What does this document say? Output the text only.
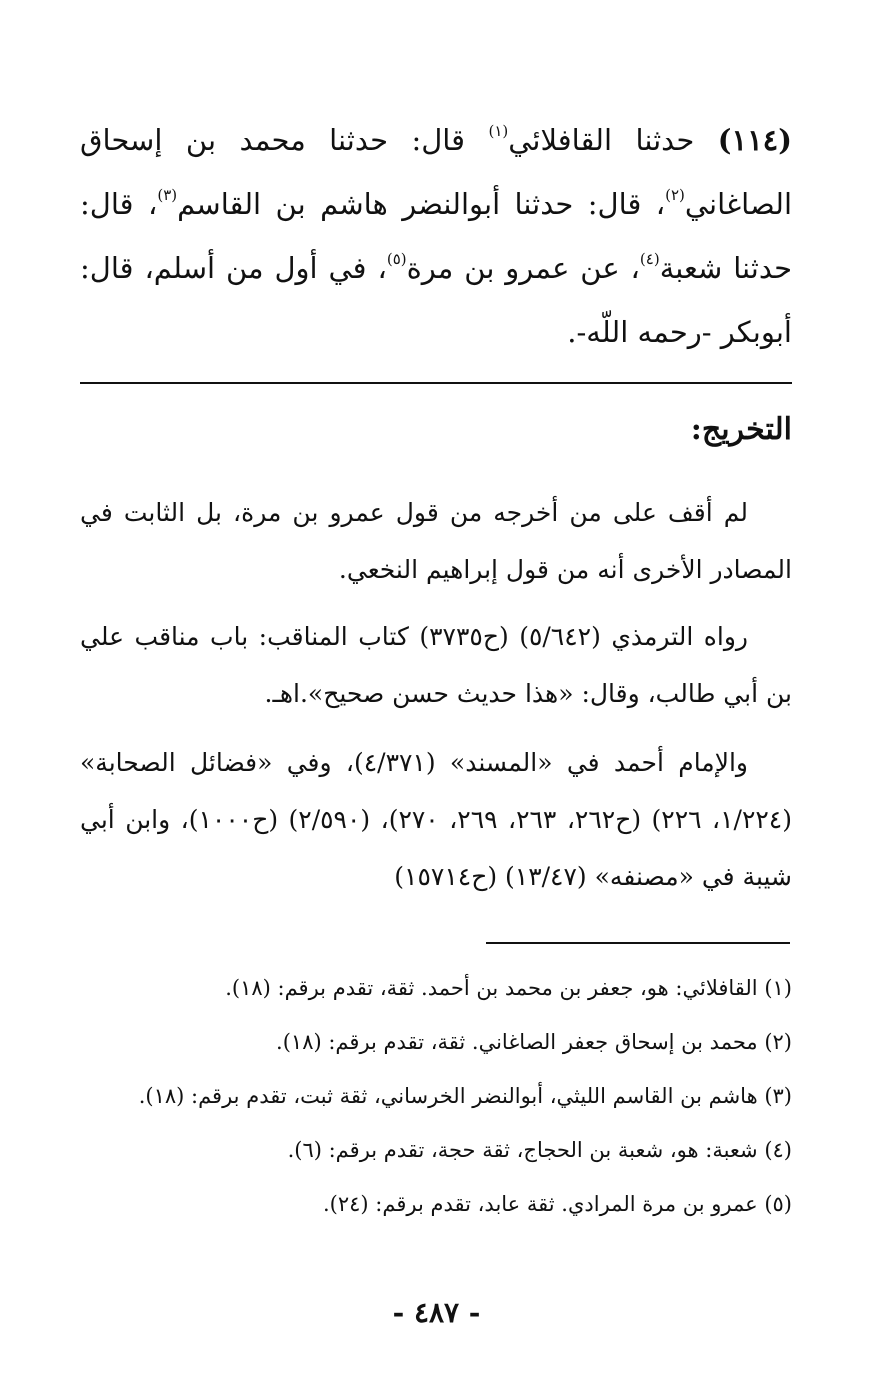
(١١٤) حدثنا القافلائي$^{(١)}$ قال: حدثنا محمد بن إسحاق الصاغاني$^{(٢)}$، قال: حدثنا أبوالنضر هاشم بن القاسم$^{(٣)}$، قال: حدثنا شعبة$^{(٤)}$، عن عمرو بن مرة$^{(٥)}$، في أول من أسلم، قال: أبوبكر -رحمه اللّه-.

التخريج:

لم أقف على من أخرجه من قول عمرو بن مرة، بل الثابت في المصادر الأخرى أنه من قول إبراهيم النخعي.

رواه الترمذي (٥/٦٤٢) (ح٣٧٣٥) كتاب المناقب: باب مناقب علي بن أبي طالب، وقال: «هذا حديث حسن صحيح».اهـ.

والإمام أحمد في «المسند» (٤/٣٧١)، وفي «فضائل الصحابة» (١/٢٢٤، ٢٢٦) (ح٢٦٢، ٢٦٣، ٢٦٩، ٢٧٠)، (٢/٥٩٠) (ح١٠٠٠)، وابن أبي شيبة في «مصنفه» (١٣/٤٧) (ح١٥٧١٤)

(١) القافلائي: هو، جعفر بن محمد بن أحمد. ثقة، تقدم برقم: (١٨).

(٢) محمد بن إسحاق جعفر الصاغاني. ثقة، تقدم برقم: (١٨).

(٣) هاشم بن القاسم الليثي، أبوالنضر الخرساني، ثقة ثبت، تقدم برقم: (١٨).

(٤) شعبة: هو، شعبة بن الحجاج، ثقة حجة، تقدم برقم: (٦).

(٥) عمرو بن مرة المرادي. ثقة عابد، تقدم برقم: (٢٤).

- ٤٨٧ -
